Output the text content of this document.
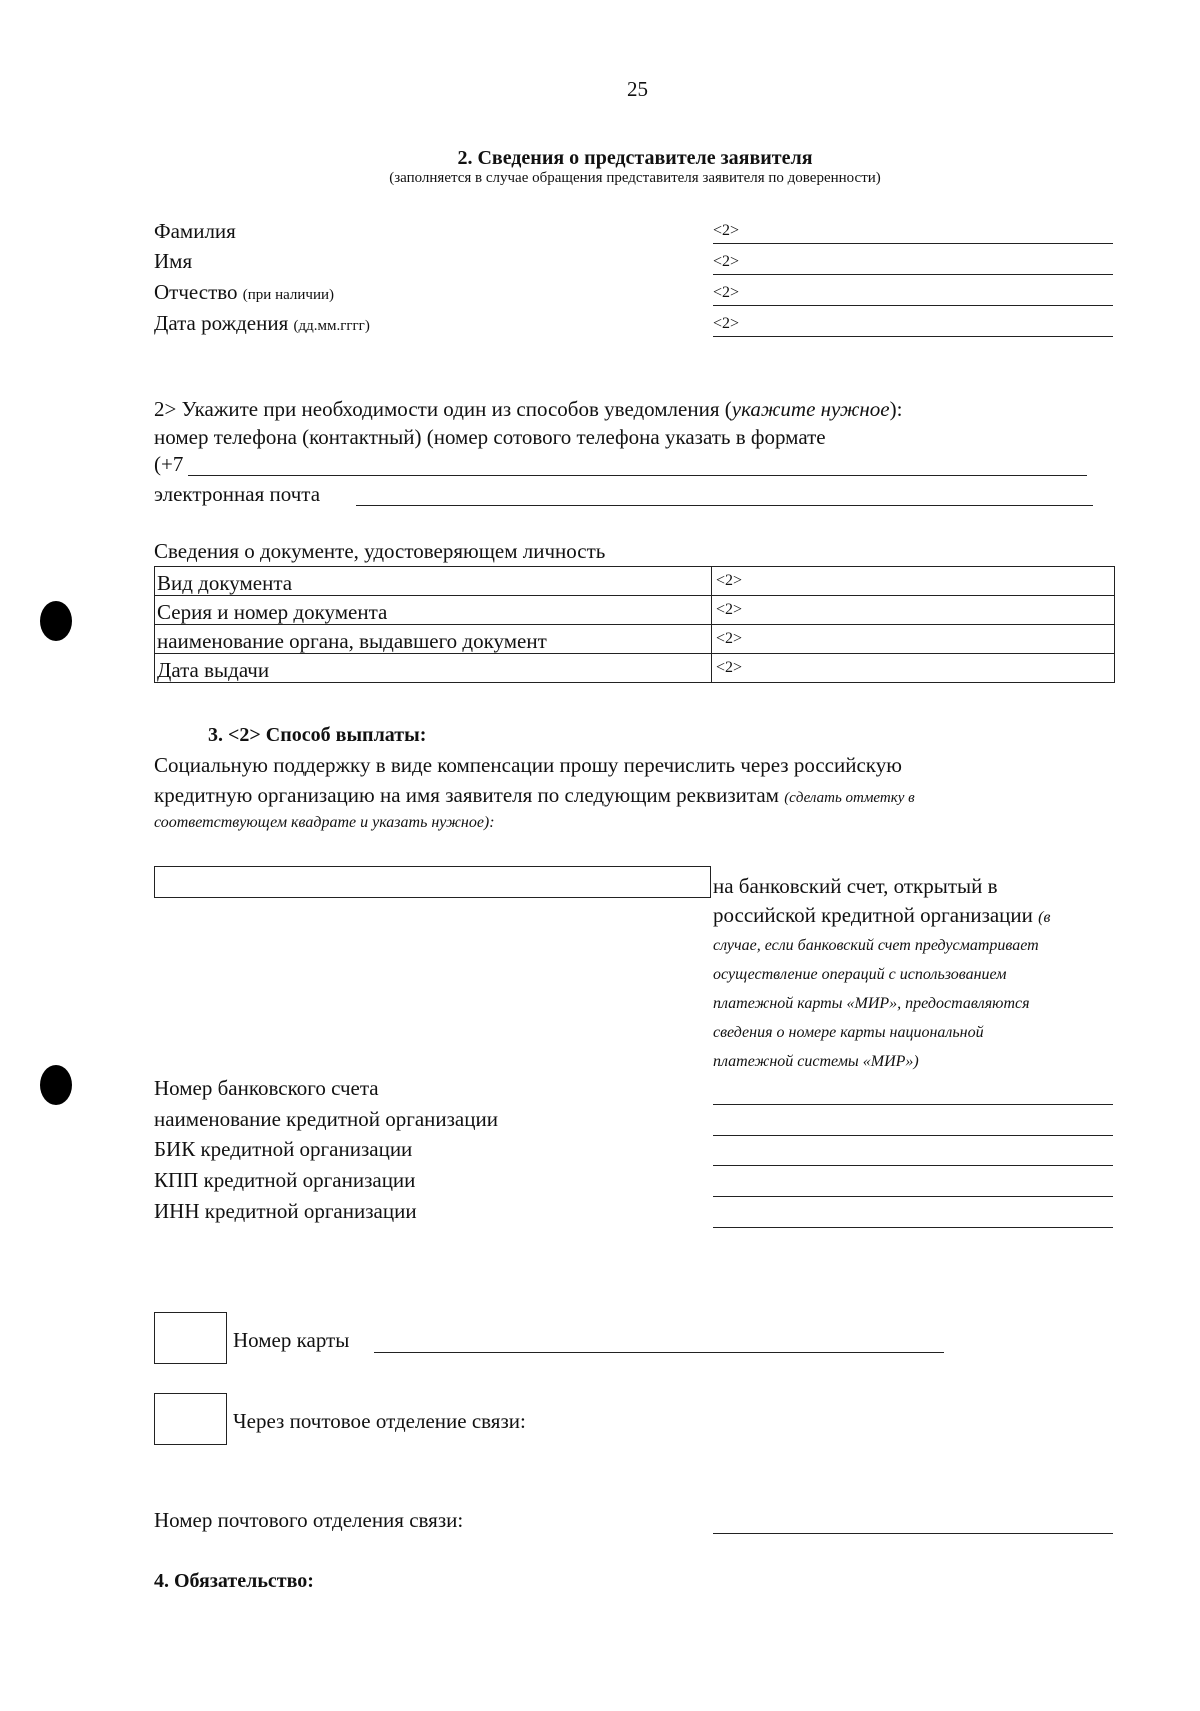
25
2. Сведения о представителе заявителя
(заполняется в случае обращения представителя заявителя по доверенности)
Фамилия	<2>
Имя	<2>
Отчество (при наличии)	<2>
Дата рождения (дд.мм.гггг)	<2>
2> Укажите при необходимости один из способов уведомления (укажите нужное):
номер телефона (контактный) (номер сотового телефона указать в формате
(+7
электронная почта
Сведения о документе, удостоверяющем личность
Вид документа	<2>
Серия и номер документа	<2>
наименование органа, выдавшего документ	<2>
Дата выдачи	<2>
3. <2> Способ выплаты:
Социальную поддержку в виде компенсации прошу перечислить через российскую
кредитную организацию на имя заявителя по следующим реквизитам (сделать отметку в
соответствующем квадрате и указать нужное):
на банковский счет, открытый в
российской кредитной организации (в
случае, если банковский счет предусматривает
осуществление операций с использованием
платежной карты «МИР», предоставляются
сведения о номере карты национальной
платежной системы «МИР»)
Номер банковского счета
наименование кредитной организации
БИК кредитной организации
КПП кредитной организации
ИНН кредитной организации
Номер карты
Через почтовое отделение связи:
Номер почтового отделения связи:
4. Обязательство:
